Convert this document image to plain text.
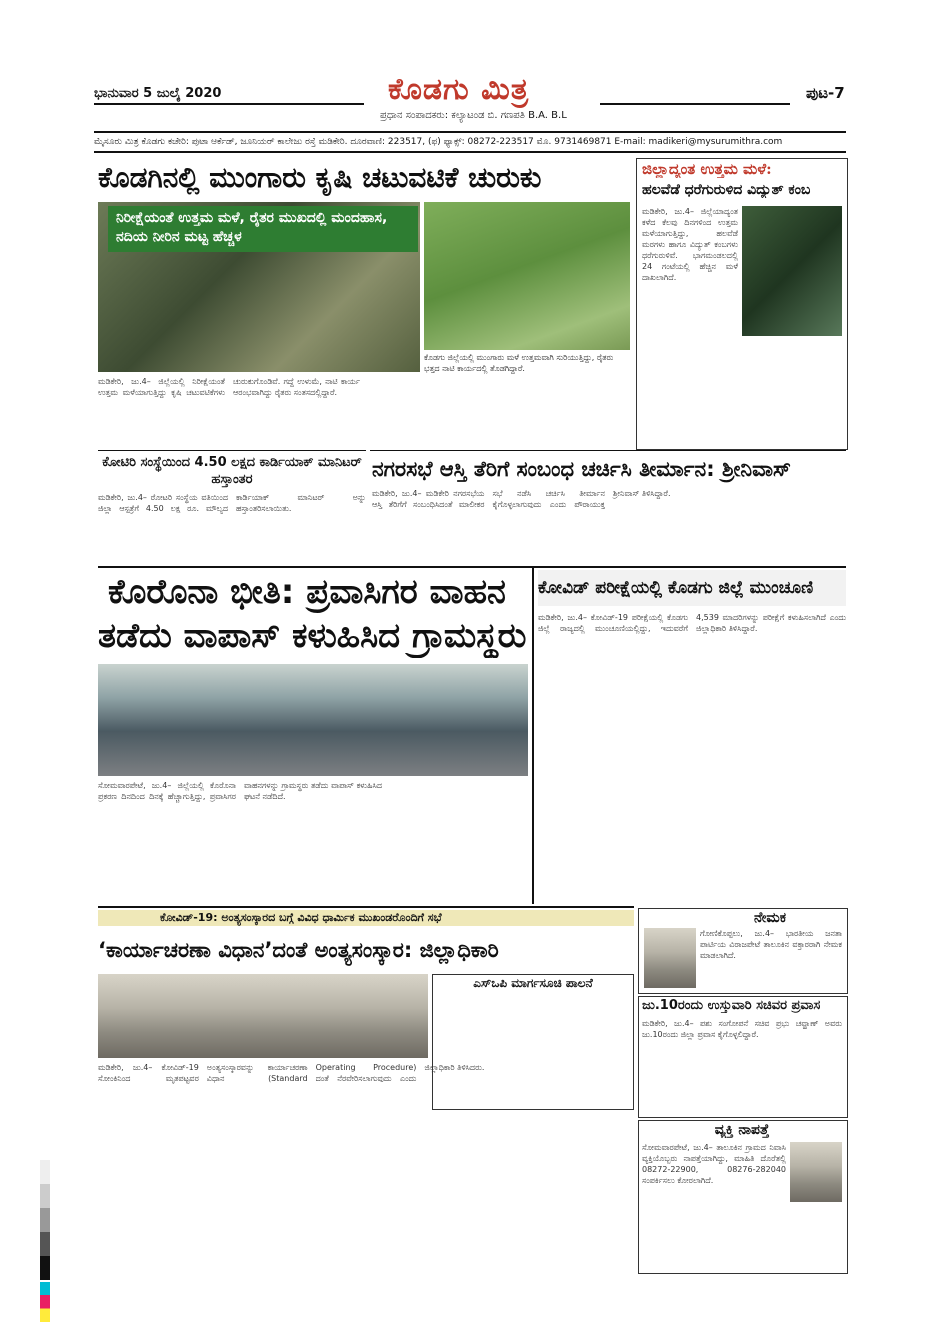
ಭಾನುವಾರ 5 ಜುಲೈ 2020	ಕೊಡಗು ಮಿತ್ರ
ಪ್ರಧಾನ ಸಂಪಾದಕರು: ಕಲ್ಯಾಟಂಡ ಬಿ. ಗಣಪತಿ B.A. B.L
ಪುಟ-7
ಮೈಸೂರು ಮಿತ್ರ ಕೊಡಗು ಕಚೇರಿ: ಪುಟಾ ಆರ್ಕೆಡ್, ಜೂನಿಯರ್ ಕಾಲೇಜು ರಸ್ತೆ ಮಡಿಕೇರಿ. ದೂರವಾಣಿ: 223517, (ಫ) ಫ್ಯಾಕ್ಸ್: 08272-223517 ಮೊ. 9731469871 E-mail: madikeri@mysurumithra.com
ಕೊಡಗಿನಲ್ಲಿ ಮುಂಗಾರು ಕೃಷಿ ಚಟುವಟಿಕೆ ಚುರುಕು
ನಿರೀಕ್ಷೆಯಂತೆ ಉತ್ತಮ ಮಳೆ, ರೈತರ ಮುಖದಲ್ಲಿ ಮಂದಹಾಸ, ನದಿಯ ನೀರಿನ ಮಟ್ಟ ಹೆಚ್ಚಳ
ಕೊಡಗು ಜಿಲ್ಲೆಯಲ್ಲಿ ಮುಂಗಾರು ಮಳೆ ಉತ್ತಮವಾಗಿ ಸುರಿಯುತ್ತಿದ್ದು, ರೈತರು ಭತ್ತದ ನಾಟಿ ಕಾರ್ಯದಲ್ಲಿ ತೊಡಗಿದ್ದಾರೆ.
ಮಡಿಕೇರಿ, ಜು.4– ಜಿಲ್ಲೆಯಲ್ಲಿ ನಿರೀಕ್ಷೆಯಂತೆ ಉತ್ತಮ ಮಳೆಯಾಗುತ್ತಿದ್ದು ಕೃಷಿ ಚಟುವಟಿಕೆಗಳು ಚುರುಕುಗೊಂಡಿವೆ. ಗದ್ದೆ ಉಳುಮೆ, ನಾಟಿ ಕಾರ್ಯ ಆರಂಭವಾಗಿದ್ದು ರೈತರು ಸಂತಸದಲ್ಲಿದ್ದಾರೆ.
ಜಿಲ್ಲಾದ್ಯಂತ ಉತ್ತಮ ಮಳೆ:
ಹಲವೆಡೆ ಧರೆಗುರುಳಿದ ವಿದ್ಯುತ್ ಕಂಬ
ಮಡಿಕೇರಿ, ಜು.4– ಜಿಲ್ಲೆಯಾದ್ಯಂತ ಕಳೆದ ಕೆಲವು ದಿನಗಳಿಂದ ಉತ್ತಮ ಮಳೆಯಾಗುತ್ತಿದ್ದು, ಹಲವೆಡೆ ಮರಗಳು ಹಾಗೂ ವಿದ್ಯುತ್ ಕಂಬಗಳು ಧರೆಗುರುಳಿವೆ. ಭಾಗಮಂಡಲದಲ್ಲಿ 24 ಗಂಟೆಯಲ್ಲಿ ಹೆಚ್ಚಿನ ಮಳೆ ದಾಖಲಾಗಿದೆ.
ಕೋಟಿರಿ ಸಂಸ್ಥೆಯಿಂದ 4.50 ಲಕ್ಷದ ಕಾರ್ಡಿಯಾಕ್ ಮಾನಿಟರ್ ಹಸ್ತಾಂತರ
ಮಡಿಕೇರಿ, ಜು.4– ರೋಟರಿ ಸಂಸ್ಥೆಯ ವತಿಯಿಂದ ಜಿಲ್ಲಾ ಆಸ್ಪತ್ರೆಗೆ 4.50 ಲಕ್ಷ ರೂ. ಮೌಲ್ಯದ ಕಾರ್ಡಿಯಾಕ್ ಮಾನಿಟರ್ ಅನ್ನು ಹಸ್ತಾಂತರಿಸಲಾಯಿತು.
ನಗರಸಭೆ ಆಸ್ತಿ ತೆರಿಗೆ ಸಂಬಂಧ ಚರ್ಚಿಸಿ ತೀರ್ಮಾನ: ಶ್ರೀನಿವಾಸ್
ಮಡಿಕೇರಿ, ಜು.4– ಮಡಿಕೇರಿ ನಗರಸಭೆಯ ಆಸ್ತಿ ತೆರಿಗೆಗೆ ಸಂಬಂಧಿಸಿದಂತೆ ಮಾಲೀಕರ ಸಭೆ ನಡೆಸಿ ಚರ್ಚಿಸಿ ತೀರ್ಮಾನ ಕೈಗೊಳ್ಳಲಾಗುವುದು ಎಂದು ಪೌರಾಯುಕ್ತ ಶ್ರೀನಿವಾಸ್ ತಿಳಿಸಿದ್ದಾರೆ.
ಕೊರೊನಾ ಭೀತಿ: ಪ್ರವಾಸಿಗರ ವಾಹನ
ತಡೆದು ವಾಪಾಸ್ ಕಳುಹಿಸಿದ ಗ್ರಾಮಸ್ಥರು
ಸೋಮವಾರಪೇಟೆ, ಜು.4– ಜಿಲ್ಲೆಯಲ್ಲಿ ಕೊರೊನಾ ಪ್ರಕರಣ ದಿನದಿಂದ ದಿನಕ್ಕೆ ಹೆಚ್ಚಾಗುತ್ತಿದ್ದು, ಪ್ರವಾಸಿಗರ ವಾಹನಗಳನ್ನು ಗ್ರಾಮಸ್ಥರು ತಡೆದು ವಾಪಾಸ್ ಕಳುಹಿಸಿದ ಘಟನೆ ನಡೆದಿದೆ.
ಕೋವಿಡ್ ಪರೀಕ್ಷೆಯಲ್ಲಿ ಕೊಡಗು ಜಿಲ್ಲೆ ಮುಂಚೂಣಿ
ಮಡಿಕೇರಿ, ಜು.4– ಕೋವಿಡ್-19 ಪರೀಕ್ಷೆಯಲ್ಲಿ ಕೊಡಗು ಜಿಲ್ಲೆ ರಾಜ್ಯದಲ್ಲಿ ಮುಂಚೂಣಿಯಲ್ಲಿದ್ದು, ಇದುವರೆಗೆ 4,539 ಮಾದರಿಗಳನ್ನು ಪರೀಕ್ಷೆಗೆ ಕಳುಹಿಸಲಾಗಿದೆ ಎಂದು ಜಿಲ್ಲಾಧಿಕಾರಿ ತಿಳಿಸಿದ್ದಾರೆ.
ಕೋವಿಡ್-19: ಅಂತ್ಯಸಂಸ್ಕಾರದ ಬಗ್ಗೆ ವಿವಿಧ ಧಾರ್ಮಿಕ ಮುಖಂಡರೊಂದಿಗೆ ಸಭೆ
‘ಕಾರ್ಯಾಚರಣಾ ವಿಧಾನ’ದಂತೆ ಅಂತ್ಯಸಂಸ್ಕಾರ: ಜಿಲ್ಲಾಧಿಕಾರಿ
ಎಸ್‌ಒಪಿ ಮಾರ್ಗಸೂಚಿ ಪಾಲನೆ
ಮಡಿಕೇರಿ, ಜು.4– ಕೋವಿಡ್-19 ಸೋಂಕಿನಿಂದ ಮೃತಪಟ್ಟವರ ಅಂತ್ಯಸಂಸ್ಕಾರವನ್ನು ಕಾರ್ಯಾಚರಣಾ ವಿಧಾನ (Standard Operating Procedure) ದಂತೆ ನೆರವೇರಿಸಲಾಗುವುದು ಎಂದು ಜಿಲ್ಲಾಧಿಕಾರಿ ತಿಳಿಸಿದರು.
ನೇಮಕ
ಗೋಣಿಕೊಪ್ಪಲು, ಜು.4– ಭಾರತೀಯ ಜನತಾ ಪಾರ್ಟಿಯ ವಿರಾಜಪೇಟೆ ತಾಲೂಕಿನ ವಕ್ತಾರರಾಗಿ ನೇಮಕ ಮಾಡಲಾಗಿದೆ.
ಜು.10ರಂದು ಉಸ್ತುವಾರಿ ಸಚಿವರ ಪ್ರವಾಸ
ಮಡಿಕೇರಿ, ಜು.4– ಪಶು ಸಂಗೋಪನೆ ಸಚಿವ ಪ್ರಭು ಚವ್ಹಾಣ್ ಅವರು ಜು.10ರಂದು ಜಿಲ್ಲಾ ಪ್ರವಾಸ ಕೈಗೊಳ್ಳಲಿದ್ದಾರೆ.
ವ್ಯಕ್ತಿ ನಾಪತ್ತೆ
ಸೋಮವಾರಪೇಟೆ, ಜು.4– ತಾಲೂಕಿನ ಗ್ರಾಮದ ನಿವಾಸಿ ವ್ಯಕ್ತಿಯೊಬ್ಬರು ನಾಪತ್ತೆಯಾಗಿದ್ದು, ಮಾಹಿತಿ ದೊರೆತಲ್ಲಿ 08272-22900, 08276-282040 ಸಂಪರ್ಕಿಸಲು ಕೋರಲಾಗಿದೆ.
